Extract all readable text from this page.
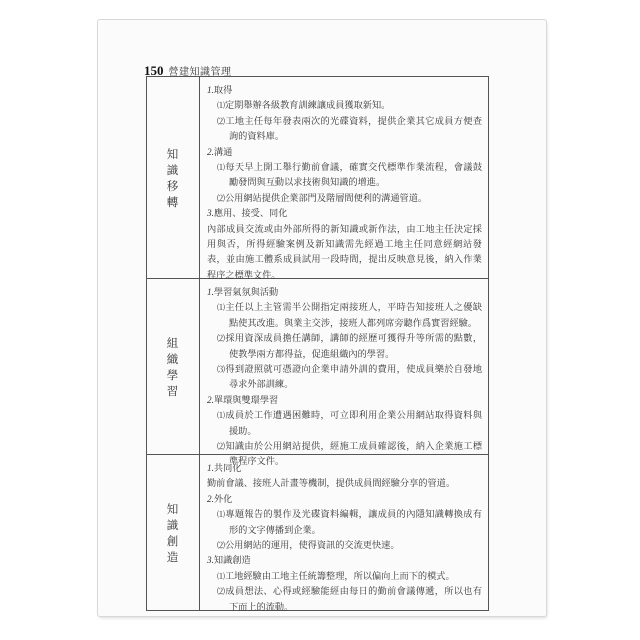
150 營建知識管理
知識移轉

1.取得

⑴定期舉辦各級教育訓練讓成員獲取新知。

⑵工地主任每年發表兩次的光碟資料，提供企業其它成員方便查詢的資料庫。

2.溝通

⑴每天早上開工舉行勤前會議，確實交代標準作業流程，會議鼓勵發問與互動以求技術與知識的增進。

⑵公用網站提供企業部門及階層間便利的溝通管道。

3.應用、接受、同化

內部成員交流或由外部所得的新知識或新作法，由工地主任決定採用與否，所得經驗案例及新知識需先經過工地主任同意經網站發表，並由施工體系成員試用一段時間，提出反映意見後，納入作業程序之標準文件。

組織學習

1.學習氣氛與活動

⑴主任以上主管需半公開指定兩接班人，平時告知接班人之優缺點使其改進。與業主交涉，接班人都列席旁聽作爲實習經驗。

⑵採用資深成員擔任講師，講師的經歷可獲得升等所需的點數，使教學兩方都得益，促進組織內的學習。

⑶得到證照就可憑證向企業申請外訓的費用，使成員樂於自發地尋求外部訓練。

2.單環與雙環學習

⑴成員於工作遭遇困難時，可立即利用企業公用網站取得資料與援助。

⑵知識由於公用網站提供，經施工成員確認後，納入企業施工標準程序文件。

知識創造

1.共同化

勤前會議、接班人計畫等機制，提供成員間經驗分享的管道。

2.外化

⑴專題報告的製作及光碟資料編輯，讓成員的內隱知識轉換成有形的文字傳播到企業。

⑵公用網站的運用，使得資訊的交流更快速。

3.知識創造

⑴工地經驗由工地主任統籌整理，所以偏向上而下的模式。

⑵成員想法、心得或經驗能經由每日的勤前會議傳遞，所以也有下而上的流動。
